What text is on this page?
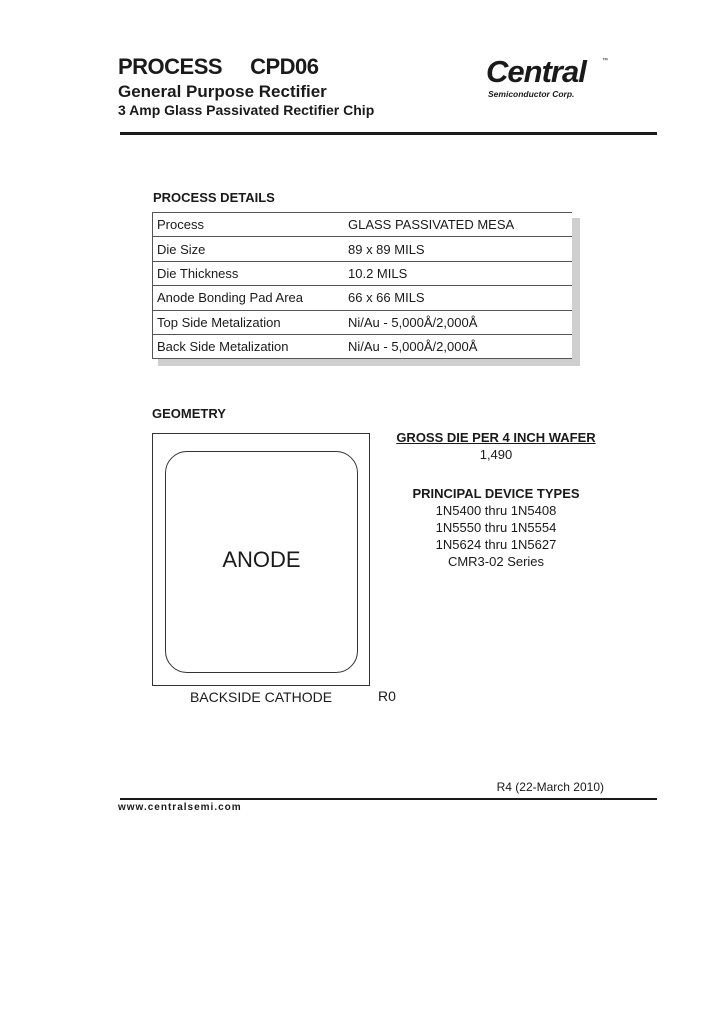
PROCESS CPD06
General Purpose Rectifier
3 Amp Glass Passivated Rectifier Chip
Central	™
Semiconductor Corp.
PROCESS DETAILS
Process	GLASS PASSIVATED MESA
Die Size	89 x 89 MILS
Die Thickness	10.2 MILS
Anode Bonding Pad Area	66 x 66 MILS
Top Side Metalization	Ni/Au - 5,000Å/2,000Å
Back Side Metalization	Ni/Au - 5,000Å/2,000Å
GEOMETRY
ANODE
BACKSIDE CATHODE	R0
GROSS DIE PER 4 INCH WAFER
1,490
PRINCIPAL DEVICE TYPES
1N5400 thru 1N5408
1N5550 thru 1N5554
1N5624 thru 1N5627
CMR3-02 Series
R4 (22-March 2010)
www.centralsemi.com
